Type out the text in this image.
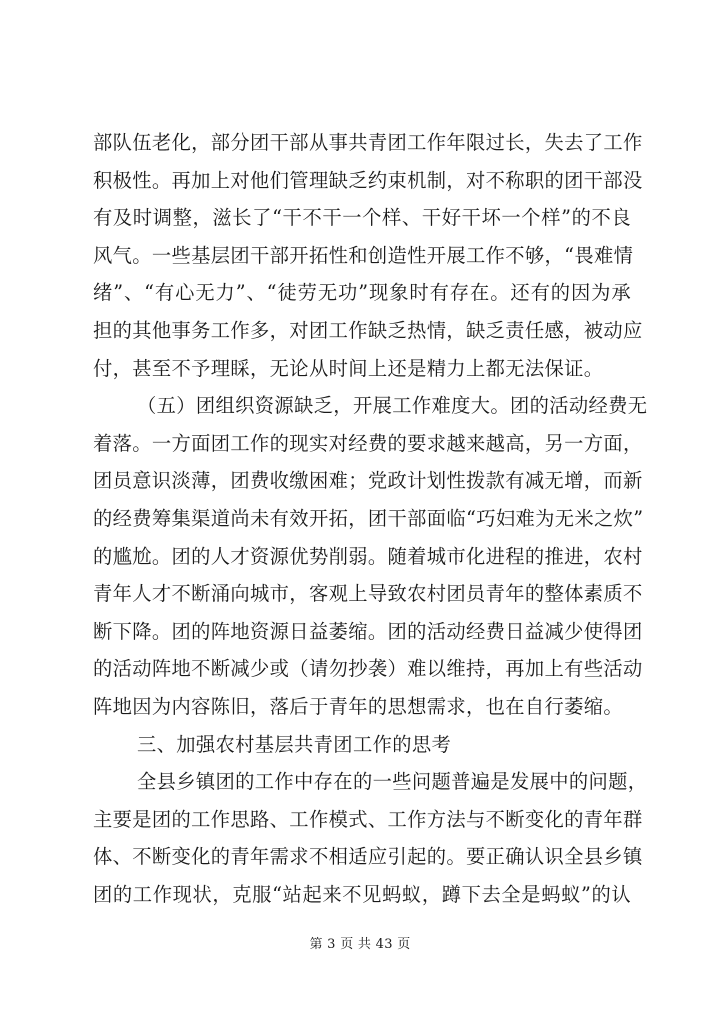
部队伍老化，部分团干部从事共青团工作年限过长，失去了工作
积极性。再加上对他们管理缺乏约束机制，对不称职的团干部没
有及时调整，滋长了“干不干一个样、干好干坏一个样”的不良
风气。一些基层团干部开拓性和创造性开展工作不够，“畏难情
绪”、“有心无力”、“徒劳无功”现象时有存在。还有的因为承
担的其他事务工作多，对团工作缺乏热情，缺乏责任感，被动应
付，甚至不予理睬，无论从时间上还是精力上都无法保证。
（五）团组织资源缺乏，开展工作难度大。团的活动经费无
着落。一方面团工作的现实对经费的要求越来越高，另一方面，
团员意识淡薄，团费收缴困难；党政计划性拨款有减无增，而新
的经费筹集渠道尚未有效开拓，团干部面临“巧妇难为无米之炊”
的尴尬。团的人才资源优势削弱。随着城市化进程的推进，农村
青年人才不断涌向城市，客观上导致农村团员青年的整体素质不
断下降。团的阵地资源日益萎缩。团的活动经费日益减少使得团
的活动阵地不断减少或（请勿抄袭）难以维持，再加上有些活动
阵地因为内容陈旧，落后于青年的思想需求，也在自行萎缩。
三、加强农村基层共青团工作的思考
全县乡镇团的工作中存在的一些问题普遍是发展中的问题，
主要是团的工作思路、工作模式、工作方法与不断变化的青年群
体、不断变化的青年需求不相适应引起的。要正确认识全县乡镇
团的工作现状，克服“站起来不见蚂蚁，蹲下去全是蚂蚁”的认
第 3 页 共 43 页
